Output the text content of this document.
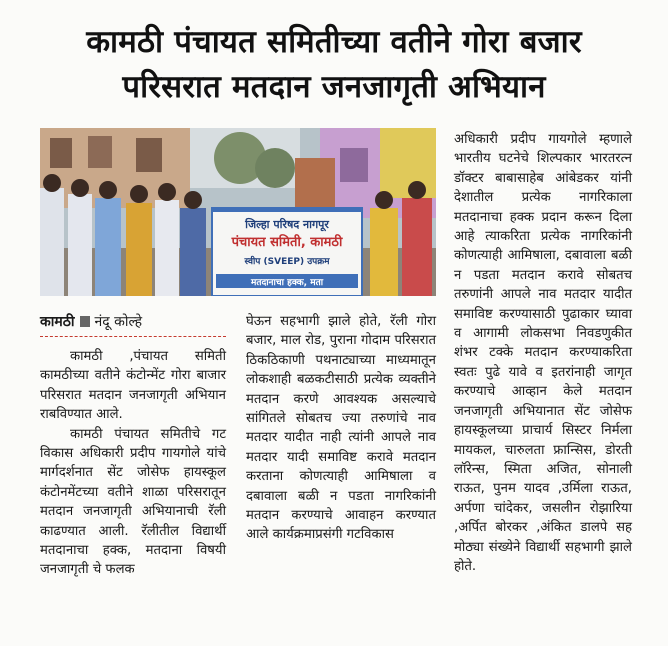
कामठी पंचायत समितीच्या वतीने गोरा बजार
परिसरात मतदान जनजागृती अभियान
जिल्हा परिषद नागपूर
पंचायत समिती, कामठी
स्वीप (SVEEP) उपक्रम
मतदानाचा हक्क, मता
कामठी नंदू कोल्हे

कामठी ,पंचायत समिती कामठीच्या वतीने कंटोन्मेंट गोरा बाजार परिसरात मतदान जनजागृती अभियान राबविण्यात आले.

कामठी पंचायत समितीचे गट विकास अधिकारी प्रदीप गायगोले यांचे मार्गदर्शनात सेंट जोसेफ हायस्कूल कंटोनमेंटच्या वतीने शाळा परिसरातून मतदान जनजागृती अभियानाची रॅली काढण्यात आली. रॅलीतील विद्यार्थी मतदानाचा हक्क, मतदाना विषयी जनजागृती चे फलक

घेऊन सहभागी झाले होते, रॅली गोरा बजार, माल रोड, पुराना गोदाम परिसरात ठिकठिकाणी पथनाट्याच्या माध्यमातून लोकशाही बळकटीसाठी प्रत्येक व्यक्तीने मतदान करणे आवश्यक असल्याचे सांगितले सोबतच ज्या तरुणांचे नाव मतदार यादीत नाही त्यांनी आपले नाव मतदार यादी समाविष्ट करावे मतदान करताना कोणत्याही आमिषाला व दबावाला बळी न पडता नागरिकांनी मतदान करण्याचे आवाहन करण्यात आले कार्यक्रमाप्रसंगी गटविकास

अधिकारी प्रदीप गायगोले म्हणाले भारतीय घटनेचे शिल्पकार भारतरत्न डॉक्टर बाबासाहेब आंबेडकर यांनी देशातील प्रत्येक नागरिकाला मतदानाचा हक्क प्रदान करून दिला आहे त्याकरिता प्रत्येक नागरिकांनी कोणत्याही आमिषाला, दबावाला बळी न पडता मतदान करावे सोबतच तरुणांनी आपले नाव मतदार यादीत समाविष्ट करण्यासाठी पुढाकार घ्यावा व आगामी लोकसभा निवडणुकीत शंभर टक्के मतदान करण्याकरिता स्वतः पुढे यावे व इतरांनाही जागृत करण्याचे आव्हान केले मतदान जनजागृती अभियानात सेंट जोसेफ हायस्कूलच्या प्राचार्य सिस्टर निर्मला मायकल, चारुलता फ्रान्सिस, डोरती लॉरेन्स, स्मिता अजित, सोनाली राऊत, पुनम यादव ,उर्मिला राऊत, अर्पणा चांदेकर, जसलीन रोझारिया ,अर्पित बोरकर ,अंकित डालपे सह मोठ्या संख्येने विद्यार्थी सहभागी झाले होते.
